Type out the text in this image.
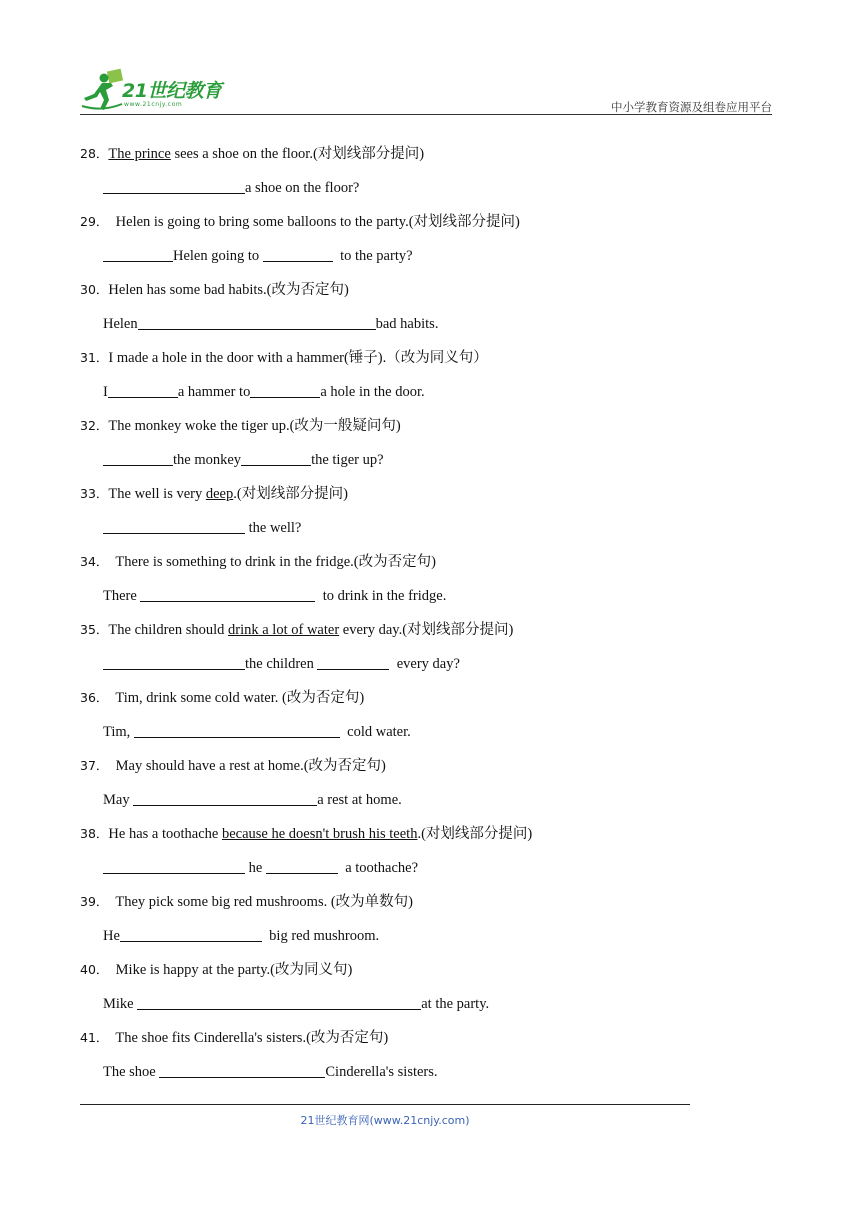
21世纪教育
www.21cnjy.com	中小学教育资源及组卷应用平台
28．The prince sees a shoe on the floor.(对划线部分提问)
a shoe on the floor?
29．  Helen is going to bring some balloons to the party.(对划线部分提问)
Helen going to	to the party?
30．Helen has some bad habits.(改为否定句)
Helen	bad habits.
31．I made a hole in the door with a hammer(锤子).（改为同义句）
I	a hammer to	a hole in the door.
32．The monkey woke the tiger up.(改为一般疑问句)
the monkey	the tiger up?
33．The well is very deep.(对划线部分提问)
the well?
34．  There is something to drink in the fridge.(改为否定句)
There	to drink in the fridge.
35．The children should drink a lot of water every day.(对划线部分提问)
the children	every day?
36．  Tim, drink some cold water. (改为否定句)
Tim,	cold water.
37．  May should have a rest at home.(改为否定句)
May	a rest at home.
38．He has a toothache because he doesn't brush his teeth.(对划线部分提问)
he	a toothache?
39．  They pick some big red mushrooms. (改为单数句)
He	big red mushroom.
40．  Mike is happy at the party.(改为同义句)
Mike	at the party.
41．  The shoe fits Cinderella's sisters.(改为否定句)
The shoe	Cinderella's sisters.
21世纪教育网(www.21cnjy.com)
